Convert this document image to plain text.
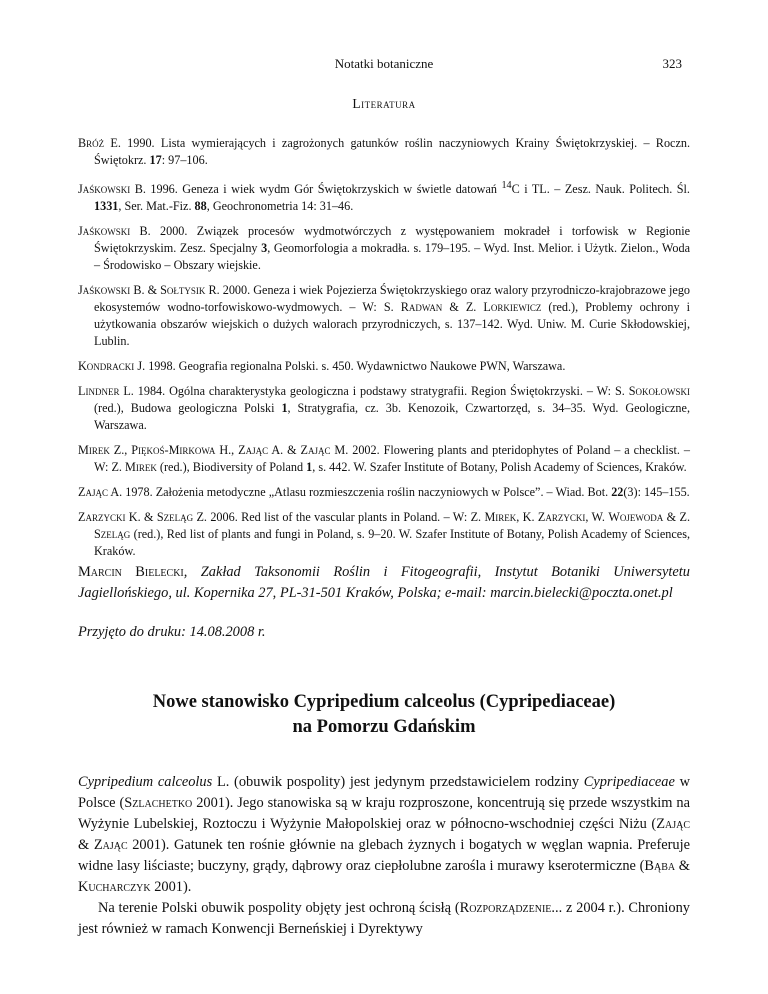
Notatki botaniczne	323
Literatura

Bróż E. 1990. Lista wymierających i zagrożonych gatunków roślin naczyniowych Krainy Świętokrzyskiej. – Roczn. Świętokrz. 17: 97–106.

Jaśkowski B. 1996. Geneza i wiek wydm Gór Świętokrzyskich w świetle datowań $^{14}$C i TL. – Zesz. Nauk. Politech. Śl. 1331, Ser. Mat.-Fiz. 88, Geochronometria 14: 31–46.

Jaśkowski B. 2000. Związek procesów wydmotwórczych z występowaniem mokradeł i torfowisk w Regionie Świętokrzyskim. Zesz. Specjalny 3, Geomorfologia a mokradła. s. 179–195. – Wyd. Inst. Melior. i Użytk. Zielon., Woda – Środowisko – Obszary wiejskie.

Jaśkowski B. & Sołtysik R. 2000. Geneza i wiek Pojezierza Świętokrzyskiego oraz walory przyrodniczo-krajobrazowe jego ekosystemów wodno-torfowiskowo-wydmowych. – W: S. Radwan & Z. Lorkiewicz (red.), Problemy ochrony i użytkowania obszarów wiejskich o dużych walorach przyrodniczych, s. 137–142. Wyd. Uniw. M. Curie Skłodowskiej, Lublin.

Kondracki J. 1998. Geografia regionalna Polski. s. 450. Wydawnictwo Naukowe PWN, Warszawa.

Lindner L. 1984. Ogólna charakterystyka geologiczna i podstawy stratygrafii. Region Świętokrzyski. – W: S. Sokołowski (red.), Budowa geologiczna Polski 1, Stratygrafia, cz. 3b. Kenozoik, Czwartorzęd, s. 34–35. Wyd. Geologiczne, Warszawa.

Mirek Z., Piękoś-Mirkowa H., Zając A. & Zając M. 2002. Flowering plants and pteridophytes of Poland – a checklist. – W: Z. Mirek (red.), Biodiversity of Poland 1, s. 442. W. Szafer Institute of Botany, Polish Academy of Sciences, Kraków.

Zając A. 1978. Założenia metodyczne „Atlasu rozmieszczenia roślin naczyniowych w Polsce”. – Wiad. Bot. 22(3): 145–155.

Zarzycki K. & Szeląg Z. 2006. Red list of the vascular plants in Poland. – W: Z. Mirek, K. Zarzycki, W. Wojewoda & Z. Szeląg (red.), Red list of plants and fungi in Poland, s. 9–20. W. Szafer Institute of Botany, Polish Academy of Sciences, Kraków.

Marcin Bielecki, Zakład Taksonomii Roślin i Fitogeografii, Instytut Botaniki Uniwersytetu Jagiellońskiego, ul. Kopernika 27, PL-31-501 Kraków, Polska; e-mail: marcin.bielecki@poczta.onet.pl
Przyjęto do druku: 14.08.2008 r.
Nowe stanowisko Cypripedium calceolus (Cypripediaceae)
na Pomorzu Gdańskim

Cypripedium calceolus L. (obuwik pospolity) jest jedynym przedstawicielem rodziny Cypripediaceae w Polsce (Szlachetko 2001). Jego stanowiska są w kraju rozproszone, koncentrują się przede wszystkim na Wyżynie Lubelskiej, Roztoczu i Wyżynie Małopolskiej oraz w północno-wschodniej części Niżu (Zając & Zając 2001). Gatunek ten rośnie głównie na glebach żyznych i bogatych w węglan wapnia. Preferuje widne lasy liściaste; buczyny, grądy, dąbrowy oraz ciepłolubne zarośla i murawy kserotermiczne (Bąba & Kucharczyk 2001).

Na terenie Polski obuwik pospolity objęty jest ochroną ścisłą (Rozporządzenie... z 2004 r.). Chroniony jest również w ramach Konwencji Berneńskiej i Dyrektywy
